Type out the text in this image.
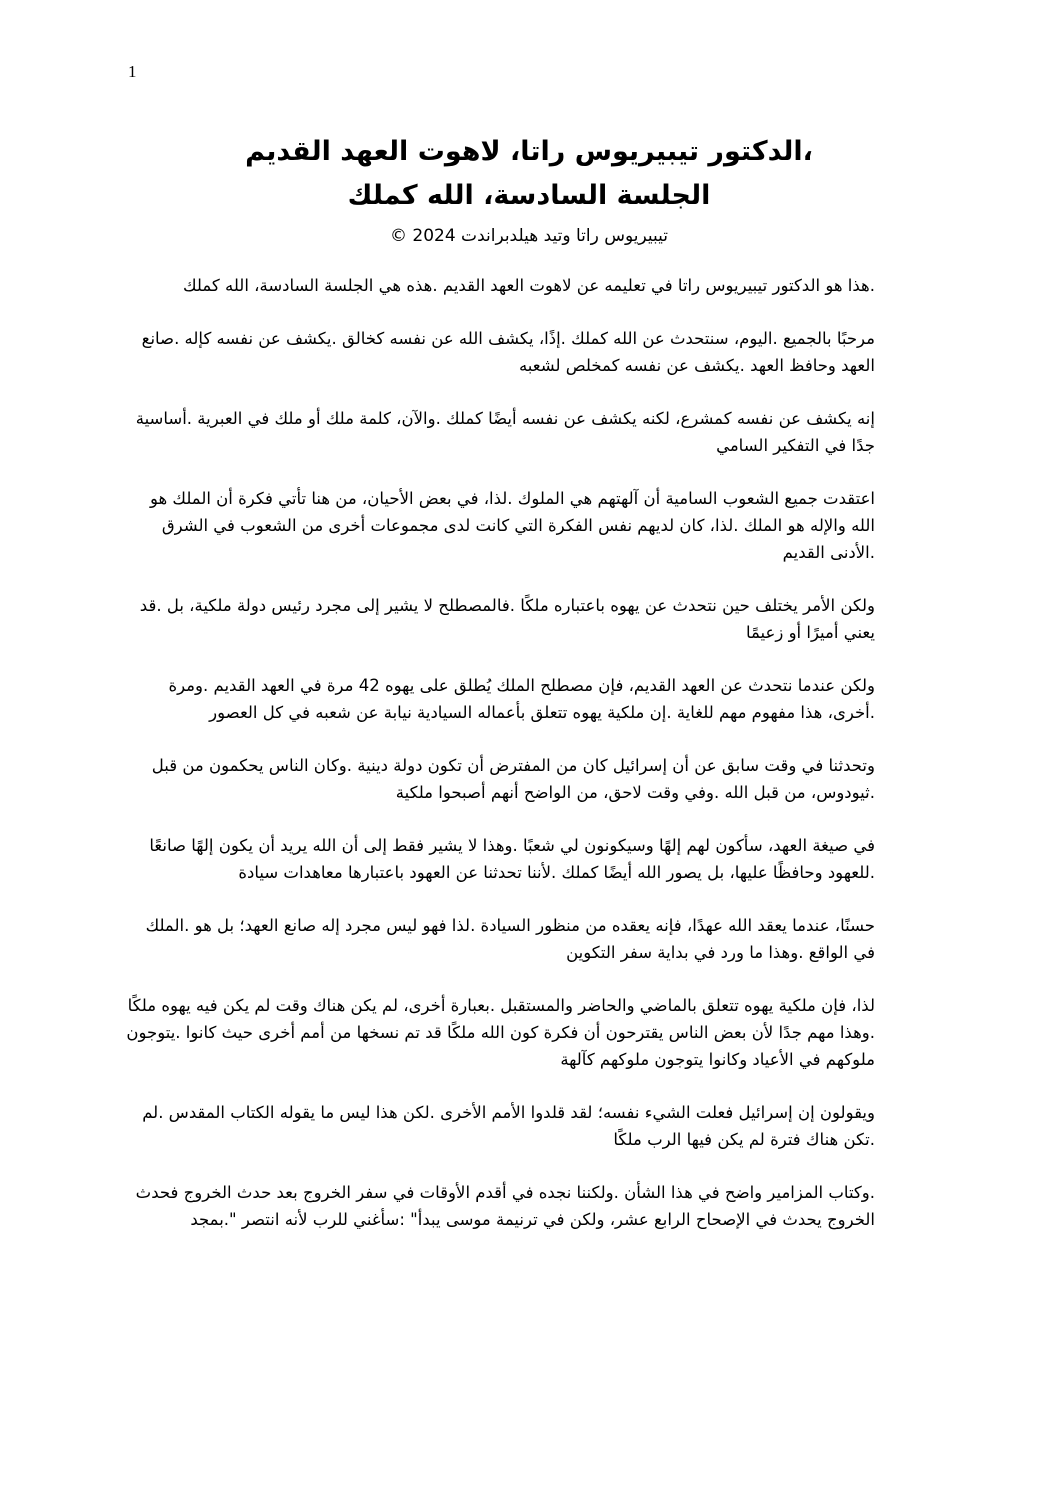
1
،الدكتور تيبيريوس راتا، لاهوت العهد القديم
الجلسة السادسة، الله كملك
تيبيريوس راتا وتيد هيلدبراندت 2024 ©

.هذا هو الدكتور تيبيريوس راتا في تعليمه عن لاهوت العهد القديم .هذه هي الجلسة السادسة، الله كملك

مرحبًا بالجميع .اليوم، سنتحدث عن الله كملك .إذًا، يكشف الله عن نفسه كخالق .يكشف عن نفسه كإله .صانع العهد وحافظ العهد .يكشف عن نفسه كمخلص لشعبه

إنه يكشف عن نفسه كمشرع، لكنه يكشف عن نفسه أيضًا كملك .والآن، كلمة ملك أو ملك في العبرية .أساسية جدًا في التفكير السامي

اعتقدت جميع الشعوب السامية أن آلهتهم هي الملوك .لذا، في بعض الأحيان، من هنا تأتي فكرة أن الملك هو الله والإله هو الملك .لذا، كان لديهم نفس الفكرة التي كانت لدى مجموعات أخرى من الشعوب في الشرق .الأدنى القديم

ولكن الأمر يختلف حين نتحدث عن يهوه باعتباره ملكًا .فالمصطلح لا يشير إلى مجرد رئيس دولة ملكية، بل .قد يعني أميرًا أو زعيمًا

ولكن عندما نتحدث عن العهد القديم، فإن مصطلح الملك يُطلق على يهوه 42 مرة في العهد القديم .ومرة .أخرى، هذا مفهوم مهم للغاية .إن ملكية يهوه تتعلق بأعماله السيادية نيابة عن شعبه في كل العصور

وتحدثنا في وقت سابق عن أن إسرائيل كان من المفترض أن تكون دولة دينية .وكان الناس يحكمون من قبل .ثيودوس، من قبل الله .وفي وقت لاحق، من الواضح أنهم أصبحوا ملكية

في صيغة العهد، سأكون لهم إلهًا وسيكونون لي شعبًا .وهذا لا يشير فقط إلى أن الله يريد أن يكون إلهًا صانعًا .للعهود وحافظًا عليها، بل يصور الله أيضًا كملك .لأننا تحدثنا عن العهود باعتبارها معاهدات سيادة

حسنًا، عندما يعقد الله عهدًا، فإنه يعقده من منظور السيادة .لذا فهو ليس مجرد إله صانع العهد؛ بل هو .الملك في الواقع .وهذا ما ورد في بداية سفر التكوين

لذا، فإن ملكية يهوه تتعلق بالماضي والحاضر والمستقبل .بعبارة أخرى، لم يكن هناك وقت لم يكن فيه يهوه ملكًا .وهذا مهم جدًا لأن بعض الناس يقترحون أن فكرة كون الله ملكًا قد تم نسخها من أمم أخرى حيث كانوا .يتوجون ملوكهم في الأعياد وكانوا يتوجون ملوكهم كآلهة

ويقولون إن إسرائيل فعلت الشيء نفسه؛ لقد قلدوا الأمم الأخرى .لكن هذا ليس ما يقوله الكتاب المقدس .لم .تكن هناك فترة لم يكن فيها الرب ملكًا

.وكتاب المزامير واضح في هذا الشأن .ولكننا نجده في أقدم الأوقات في سفر الخروج بعد حدث الخروج فحدث الخروج يحدث في الإصحاح الرابع عشر، ولكن في ترنيمة موسى يبدأ" :سأغني للرب لأنه انتصر ".بمجد
